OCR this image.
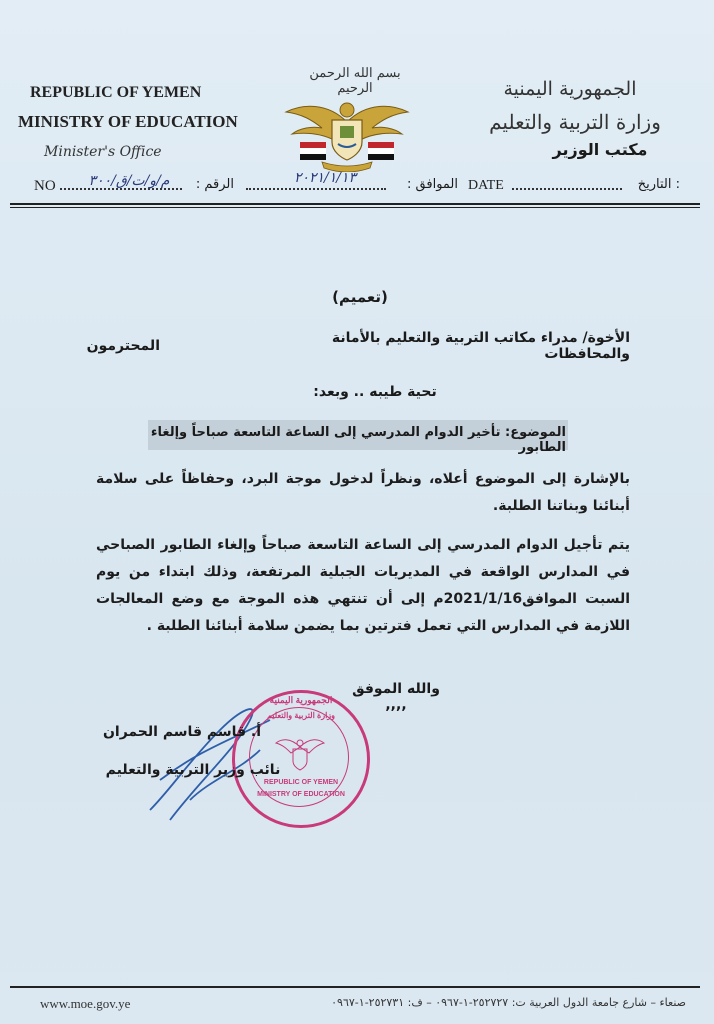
REPUBLIC OF YEMEN
MINISTRY OF EDUCATION
Minister's Office
بسم الله الرحمن الرحيم	الجمهورية اليمنية
وزارة التربية والتعليم
مكتب الوزير
NO	م/و/ت/ق/٣٠٠	الرقم :	٢٠٢١/١/١٣	الموافق : DATE	: التاريخ
(تعميم)
الأخوة/ مدراء مكاتب التربية والتعليم بالأمانة والمحافظات
المحترمون
تحية طيبه .. وبعد:
الموضوع: تأخير الدوام المدرسي إلى الساعة التاسعة صباحاً وإلغاء الطابور
بالإشارة إلى الموضوع أعلاه، ونظراً لدخول موجة البرد، وحفاظاً على سلامة أبنائنا وبناتنا الطلبة.
يتم تأجيل الدوام المدرسي إلى الساعة التاسعة صباحاً وإلغاء الطابور الصباحي في المدارس الواقعة في المديريات الجبلية المرتفعة، وذلك ابتداء من يوم السبت الموافق2021/1/16م إلى أن تنتهي هذه الموجة مع وضع المعالجات اللازمة في المدارس التي تعمل فترتين بما يضمن سلامة أبنائنا الطلبة .
والله الموفق ,,,,
الجمهورية اليمنية
وزارة التربية والتعليم
REPUBLIC OF YEMEN
MINISTRY OF EDUCATION
أ. قاسم قاسم الحمران
نائب وزير التربية والتعليم
www.moe.gov.ye	صنعاء – شارع جامعة الدول العربية ت: ٢٥٢٧٢٧-١-٠٩٦٧ – ف: ٢٥٢٧٣١-١-٠٩٦٧
